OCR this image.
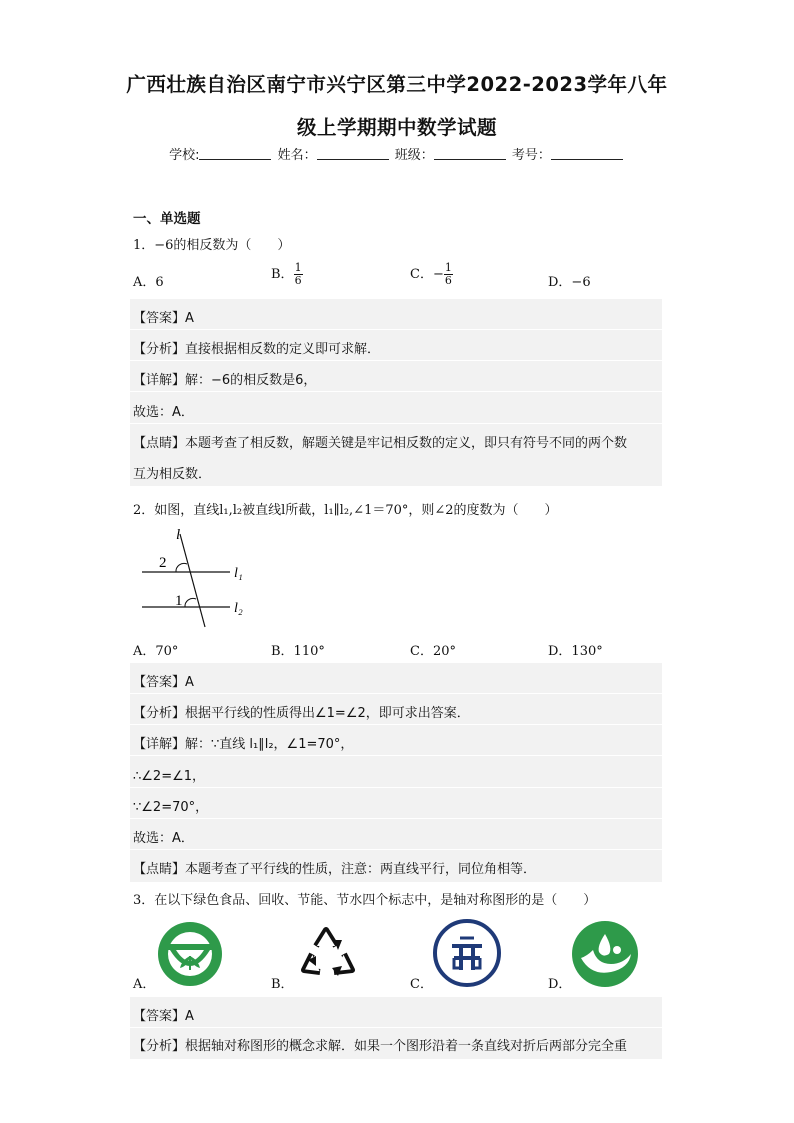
广西壮族自治区南宁市兴宁区第三中学2022-2023学年八年
级上学期期中数学试题
学校:	姓名：	班级：	考号：
一、单选题
1．−6的相反数为（　　）
A．6
B． $\frac{1}{6}$	C．− $\frac{1}{6}$	D．−6
【答案】A
【分析】直接根据相反数的定义即可求解．
【详解】解：−6的相反数是6，
故选：A．
【点睛】本题考查了相反数，解题关键是牢记相反数的定义，即只有符号不同的两个数
互为相反数．
2．如图，直线l₁,l₂被直线l所截，l₁∥l₂,∠1＝70°，则∠2的度数为（　　）
l
2
1
l₁
l₂
A．70°	B．110°	C．20°	D．130°
【答案】A
【分析】根据平行线的性质得出∠1=∠2，即可求出答案．
【详解】解：∵直线 l₁∥l₂，∠1=70°，
∴∠2=∠1，
∵∠2=70°，
故选：A．
【点睛】本题考查了平行线的性质，注意：两直线平行，同位角相等．
3．在以下绿色食品、回收、节能、节水四个标志中，是轴对称图形的是（　　）
A．	B．	C．	D．
【答案】A
【分析】根据轴对称图形的概念求解．如果一个图形沿着一条直线对折后两部分完全重
